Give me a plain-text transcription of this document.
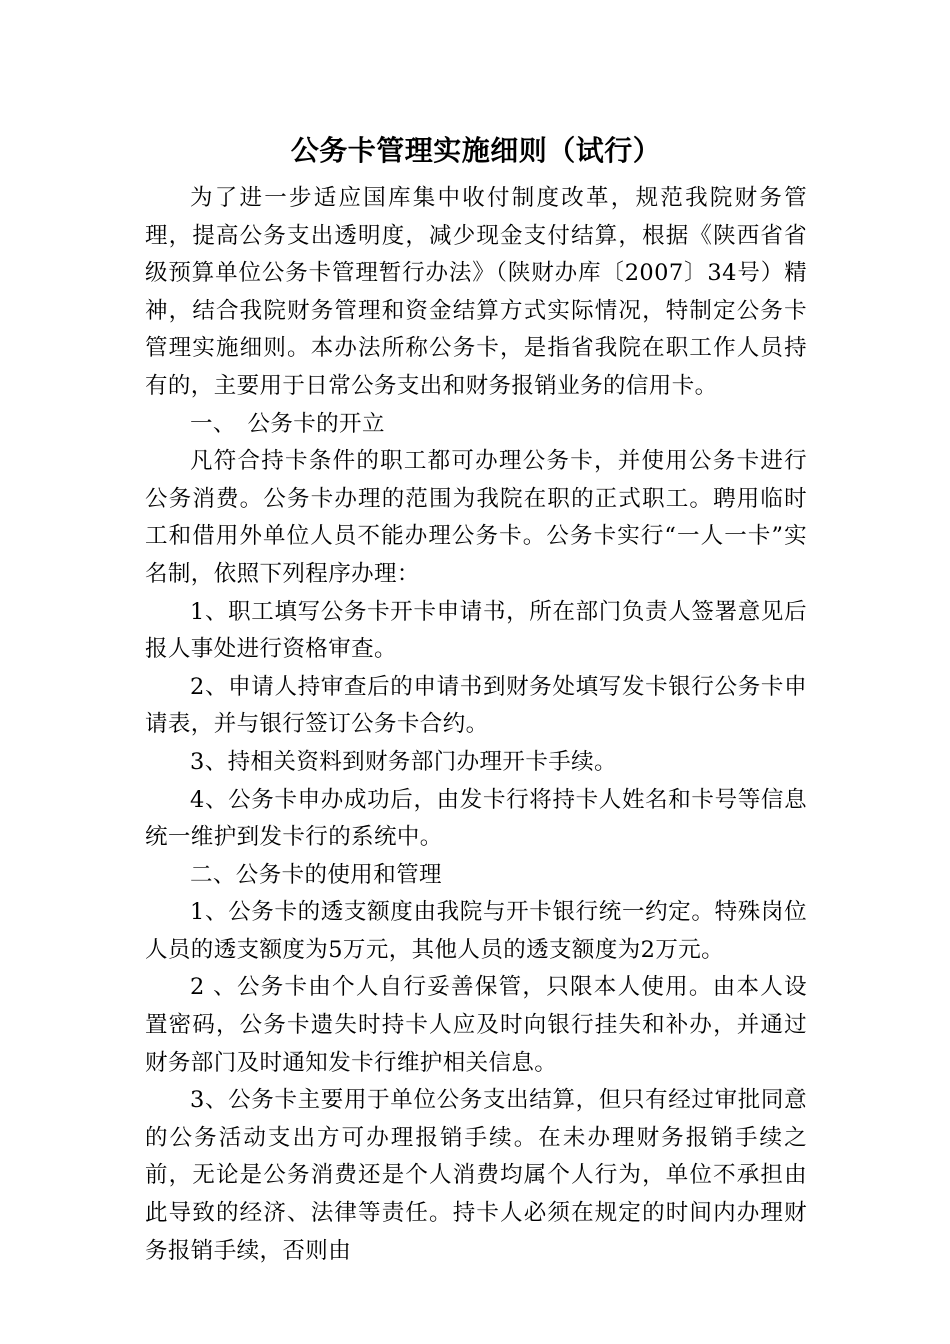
公务卡管理实施细则（试行）

为了进一步适应国库集中收付制度改革，规范我院财务管理，提高公务支出透明度，减少现金支付结算，根据《陕西省省级预算单位公务卡管理暂行办法》（陕财办库〔2007〕34号）精神，结合我院财务管理和资金结算方式实际情况，特制定公务卡管理实施细则。本办法所称公务卡，是指省我院在职工作人员持有的，主要用于日常公务支出和财务报销业务的信用卡。

一、　公务卡的开立

凡符合持卡条件的职工都可办理公务卡，并使用公务卡进行公务消费。公务卡办理的范围为我院在职的正式职工。聘用临时工和借用外单位人员不能办理公务卡。公务卡实行“一人一卡”实名制，依照下列程序办理：

1、职工填写公务卡开卡申请书，所在部门负责人签署意见后报人事处进行资格审查。

2、申请人持审查后的申请书到财务处填写发卡银行公务卡申请表，并与银行签订公务卡合约。

3、持相关资料到财务部门办理开卡手续。

4、公务卡申办成功后，由发卡行将持卡人姓名和卡号等信息统一维护到发卡行的系统中。

二、公务卡的使用和管理

1、公务卡的透支额度由我院与开卡银行统一约定。特殊岗位人员的透支额度为5万元，其他人员的透支额度为2万元。

2 、公务卡由个人自行妥善保管，只限本人使用。由本人设置密码，公务卡遗失时持卡人应及时向银行挂失和补办，并通过财务部门及时通知发卡行维护相关信息。

3、公务卡主要用于单位公务支出结算，但只有经过审批同意的公务活动支出方可办理报销手续。在未办理财务报销手续之前，无论是公务消费还是个人消费均属个人行为，单位不承担由此导致的经济、法律等责任。持卡人必须在规定的时间内办理财务报销手续，否则由
